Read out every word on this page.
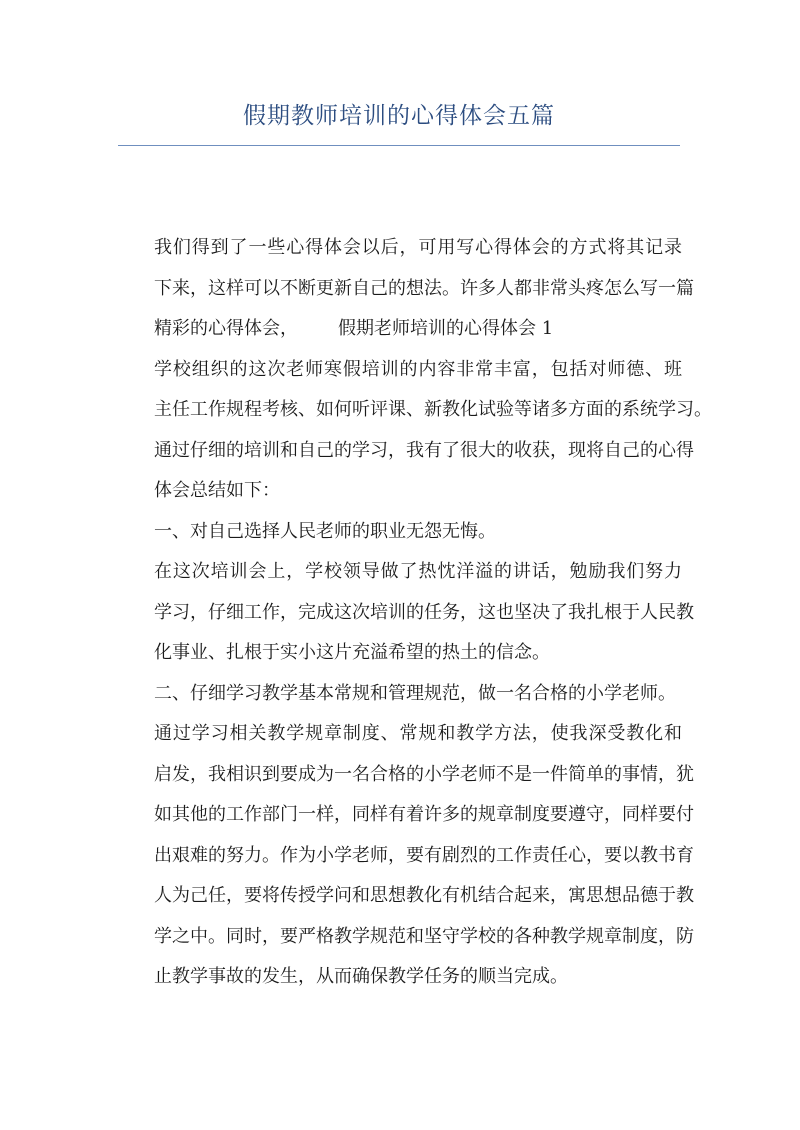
假期教师培训的心得体会五篇
我们得到了一些心得体会以后，可用写心得体会的方式将其记录
下来，这样可以不断更新自己的想法。许多人都非常头疼怎么写一篇
精彩的心得体会， 假期老师培训的心得体会 1
学校组织的这次老师寒假培训的内容非常丰富，包括对师德、班
主任工作规程考核、如何听评课、新教化试验等诸多方面的系统学习。
通过仔细的培训和自己的学习，我有了很大的收获，现将自己的心得
体会总结如下：
一、对自己选择人民老师的职业无怨无悔。
在这次培训会上，学校领导做了热忱洋溢的讲话，勉励我们努力
学习，仔细工作，完成这次培训的任务，这也坚决了我扎根于人民教
化事业、扎根于实小这片充溢希望的热土的信念。
二、仔细学习教学基本常规和管理规范，做一名合格的小学老师。
通过学习相关教学规章制度、常规和教学方法，使我深受教化和
启发，我相识到要成为一名合格的小学老师不是一件简单的事情，犹
如其他的工作部门一样，同样有着许多的规章制度要遵守，同样要付
出艰难的努力。作为小学老师，要有剧烈的工作责任心，要以教书育
人为己任，要将传授学问和思想教化有机结合起来，寓思想品德于教
学之中。同时，要严格教学规范和坚守学校的各种教学规章制度，防
止教学事故的发生，从而确保教学任务的顺当完成。
